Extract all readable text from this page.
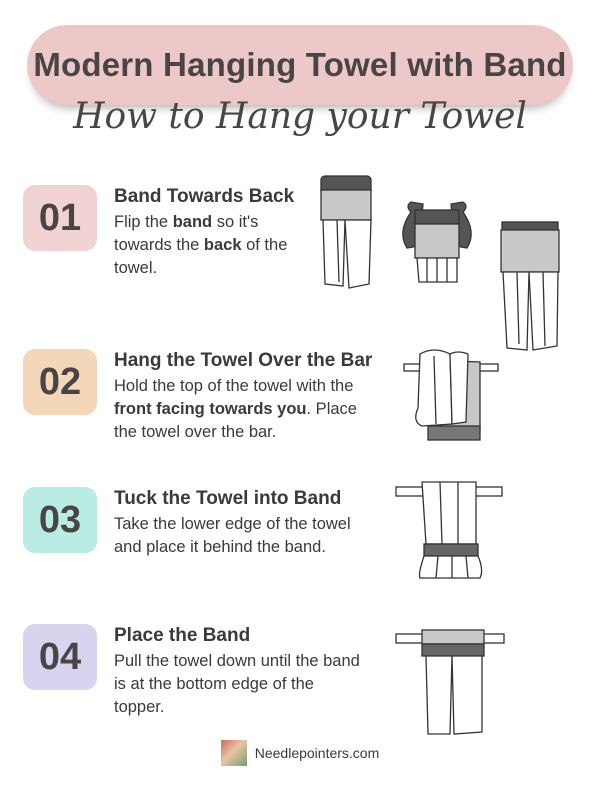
Modern Hanging Towel with Band
How to Hang your Towel
01	Band Towards Back
Flip the band so it's towards the back of the towel.
02	Hang the Towel Over the Bar
Hold the top of the towel with the front facing towards you. Place the towel over the bar.
03	Tuck the Towel into Band
Take the lower edge of the towel and place it behind the band.
04	Place the Band
Pull the towel down until the band is at the bottom edge of the topper.
Needlepointers.com
